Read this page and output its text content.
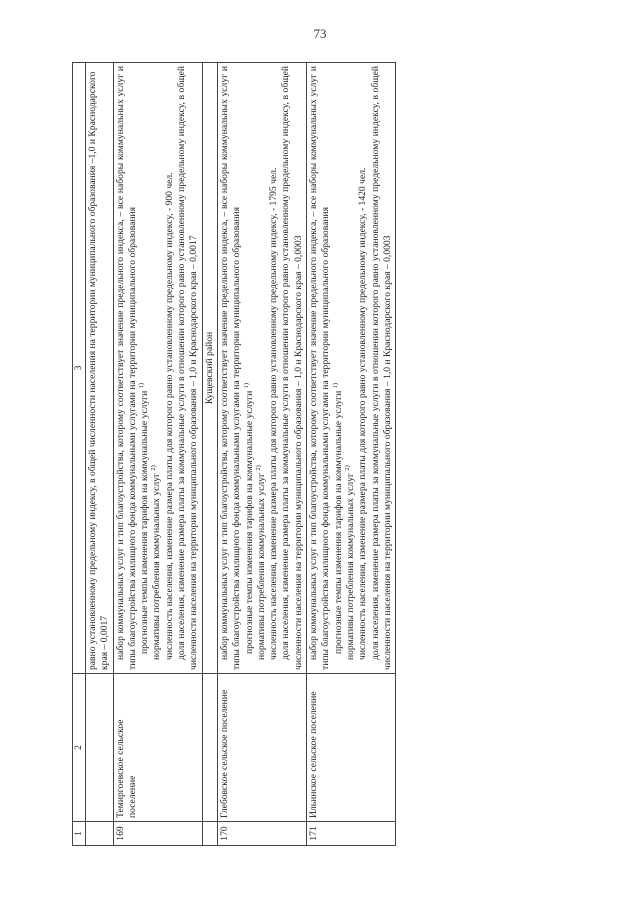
73
1	2	3
		равно установленному предельному индексу, в общей численности населения на территории муниципального образования –1,0 и Краснодарского края – 0,0017
169	Темиргоевское сельское поселение	набор коммунальных услуг и тип благоустройства, которому соответствует значение предельного индекса, – все наборы коммунальных услуг и типы благоустройства жилищного фонда коммунальными услугами на территории муниципального образования прогнозные темпы изменения тарифов на коммунальные услуги $^{1)}$

нормативы потребления коммунальных услуг $^{2)}$ численность населения, изменение размера платы для которого равно установленному предельному индексу, - 900 чел. доля населения, изменение размера платы за коммунальные услуги в отношении которого равно установленному предельному индексу, в общей численности населения на территории муниципального образования – 1,0 и Краснодарского края – 0,0017

		Кущевский район
170	Глебовское сельское поселение	набор коммунальных услуг и тип благоустройства, которому соответствует значение предельного индекса, – все наборы коммунальных услуг и типы благоустройства жилищного фонда коммунальными услугами на территории муниципального образования прогнозные темпы изменения тарифов на коммунальные услуги $^{1)}$

нормативы потребления коммунальных услуг $^{2)}$ численность населения, изменение размера платы для которого равно установленному предельному индексу, - 1795 чел. доля населения, изменение размера платы за коммунальные услуги в отношении которого равно установленному предельному индексу, в общей численности населения на территории муниципального образования – 1,0 и Краснодарского края – 0,0003

171	Ильинское сельское поселение	набор коммунальных услуг и тип благоустройства, которому соответствует значение предельного индекса, – все наборы коммунальных услуг и типы благоустройства жилищного фонда коммунальными услугами на территории муниципального образования прогнозные темпы изменения тарифов на коммунальные услуги $^{1)}$

нормативы потребления коммунальных услуг $^{2)}$ численность населения, изменение размера платы для которого равно установленному предельному индексу, - 1420 чел. доля населения, изменение размера платы за коммунальные услуги в отношении которого равно установленному предельному индексу, в общей численности населения на территории муниципального образования – 1,0 и Краснодарского края – 0,0003
